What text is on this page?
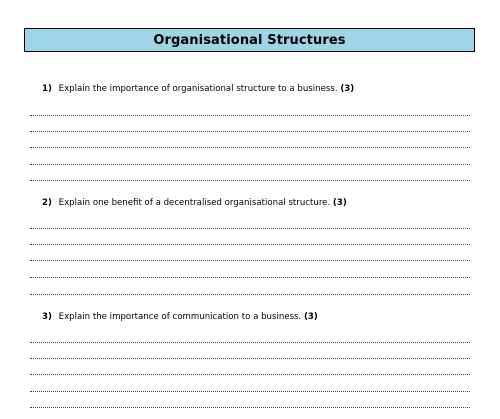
Organisational Structures
1) Explain the importance of organisational structure to a business. (3)
2) Explain one benefit of a decentralised organisational structure. (3)
3) Explain the importance of communication to a business. (3)
